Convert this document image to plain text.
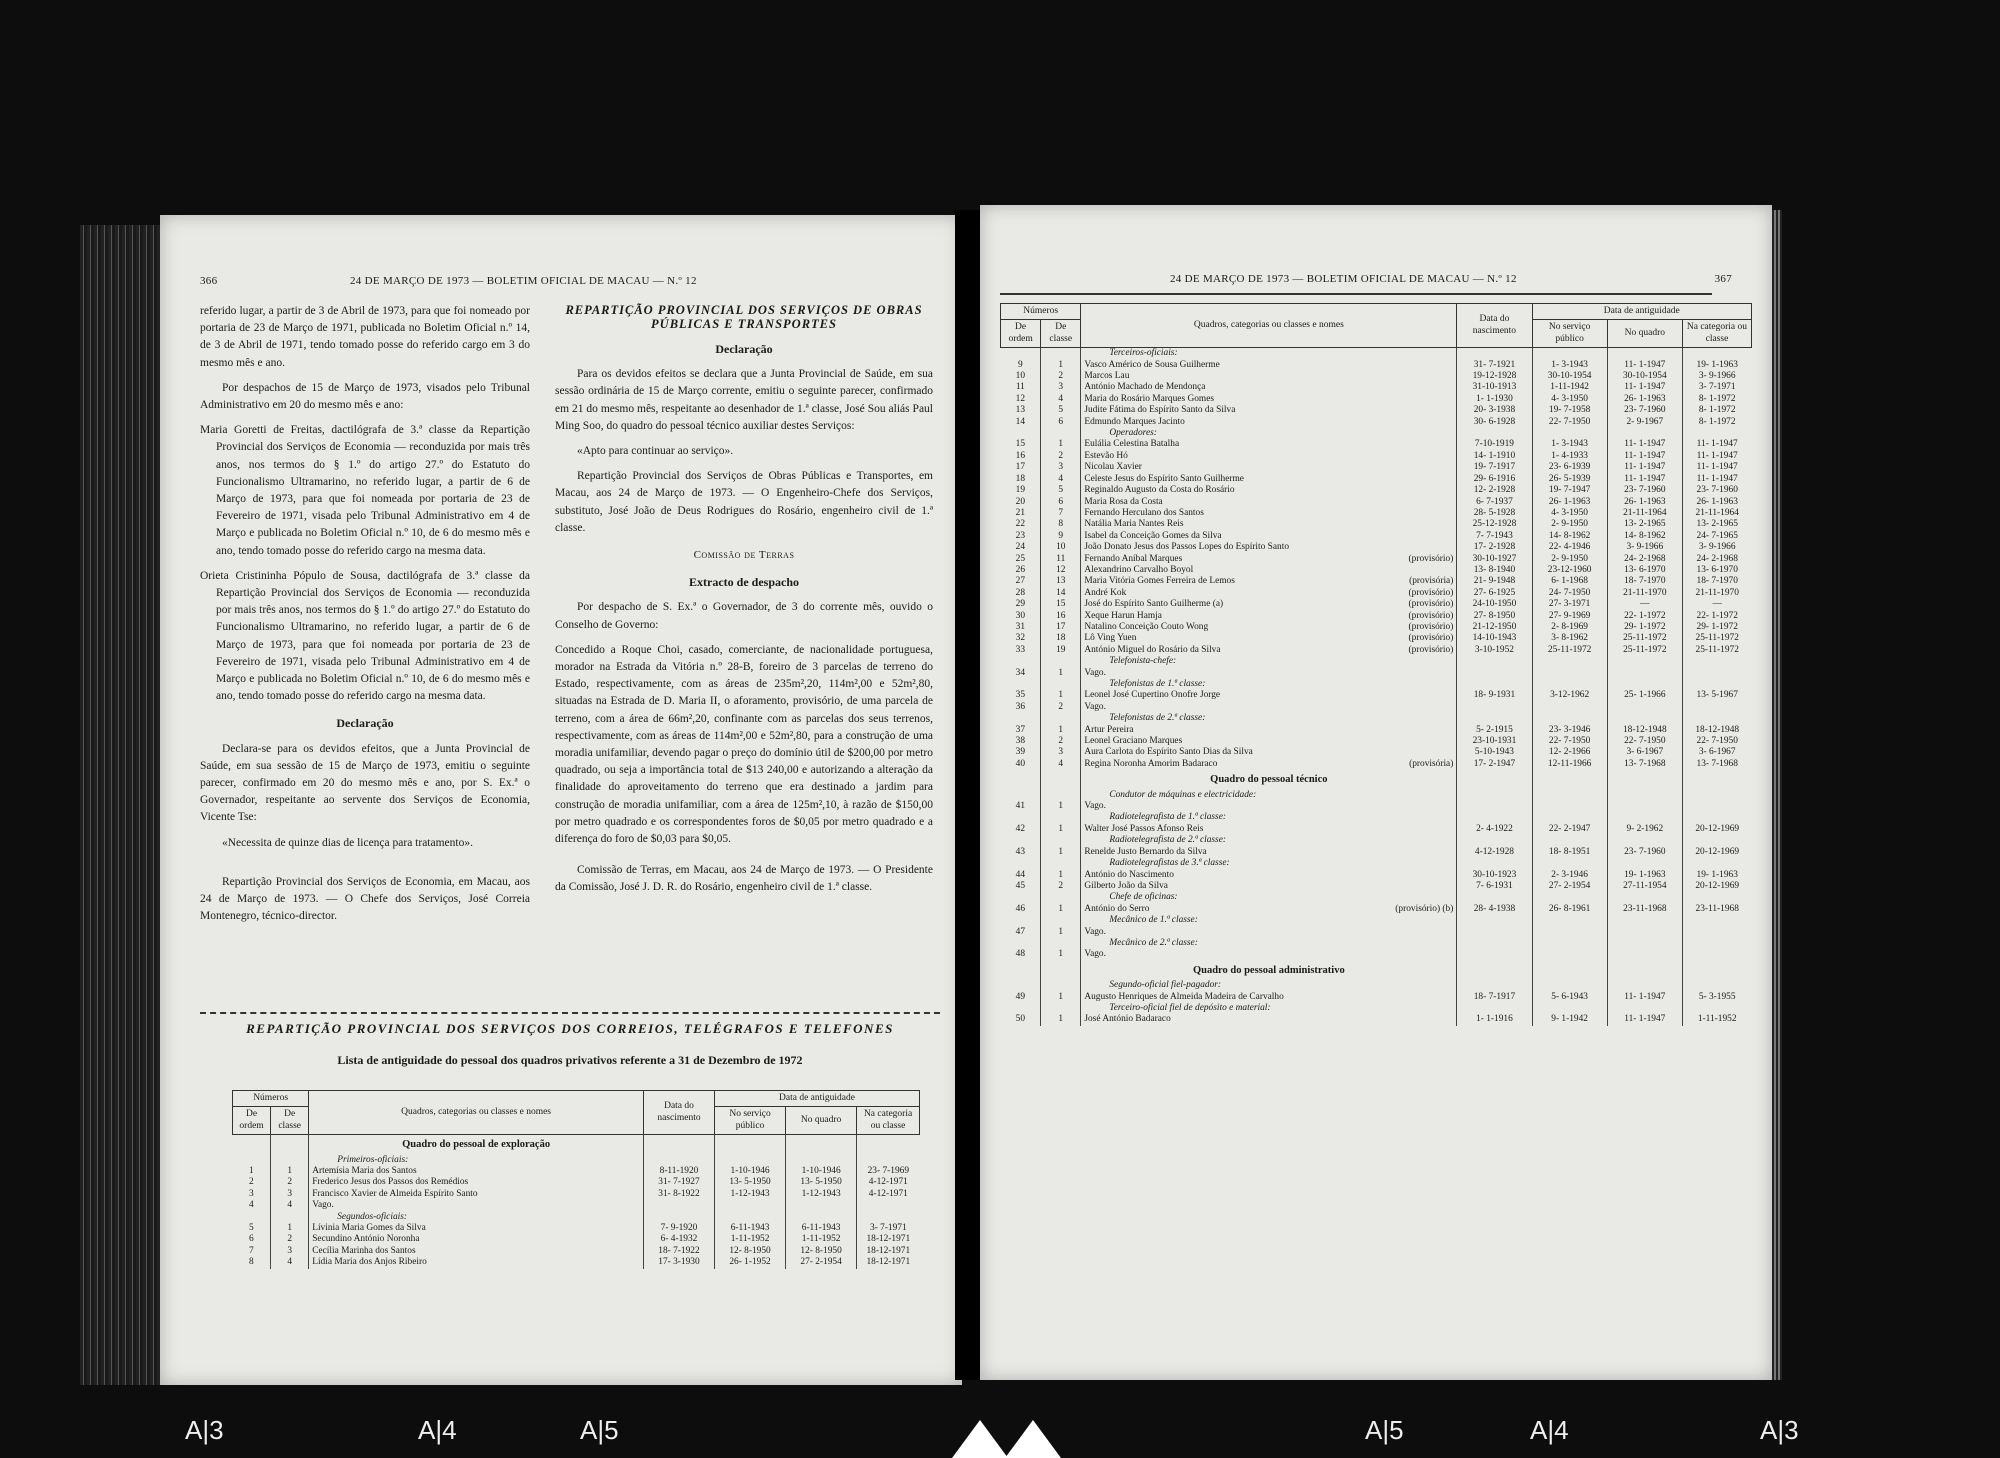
366	24 DE MARÇO DE 1973 — BOLETIM OFICIAL DE MACAU — N.º 12

referido lugar, a partir de 3 de Abril de 1973, para que foi nomeado por portaria de 23 de Março de 1971, publicada no Boletim Oficial n.º 14, de 3 de Abril de 1971, tendo tomado posse do referido cargo em 3 do mesmo mês e ano.

Por despachos de 15 de Março de 1973, visados pelo Tribunal Administrativo em 20 do mesmo mês e ano:

Maria Goretti de Freitas, dactilógrafa de 3.ª classe da Repartição Provincial dos Serviços de Economia — reconduzida por mais três anos, nos termos do § 1.º do artigo 27.º do Estatuto do Funcionalismo Ultramarino, no referido lugar, a partir de 6 de Março de 1973, para que foi nomeada por portaria de 23 de Fevereiro de 1971, visada pelo Tribunal Administrativo em 4 de Março e publicada no Boletim Oficial n.º 10, de 6 do mesmo mês e ano, tendo tomado posse do referido cargo na mesma data.

Orieta Cristininha Pópulo de Sousa, dactilógrafa de 3.ª classe da Repartição Provincial dos Serviços de Economia — reconduzida por mais três anos, nos termos do § 1.º do artigo 27.º do Estatuto do Funcionalismo Ultramarino, no referido lugar, a partir de 6 de Março de 1973, para que foi nomeada por portaria de 23 de Fevereiro de 1971, visada pelo Tribunal Administrativo em 4 de Março e publicada no Boletim Oficial n.º 10, de 6 do mesmo mês e ano, tendo tomado posse do referido cargo na mesma data.

Declaração

Declara-se para os devidos efeitos, que a Junta Provincial de Saúde, em sua sessão de 15 de Março de 1973, emitiu o seguinte parecer, confirmado em 20 do mesmo mês e ano, por S. Ex.ª o Governador, respeitante ao servente dos Serviços de Economia, Vicente Tse:

«Necessita de quinze dias de licença para tratamento».

Repartição Provincial dos Serviços de Economia, em Macau, aos 24 de Março de 1973. — O Chefe dos Serviços, José Correia Montenegro, técnico-director.

REPARTIÇÃO PROVINCIAL DOS SERVIÇOS DE OBRAS PÚBLICAS E TRANSPORTES
Declaração

Para os devidos efeitos se declara que a Junta Provincial de Saúde, em sua sessão ordinária de 15 de Março corrente, emitiu o seguinte parecer, confirmado em 21 do mesmo mês, respeitante ao desenhador de 1.ª classe, José Sou aliás Paul Ming Soo, do quadro do pessoal técnico auxiliar destes Serviços:

«Apto para continuar ao serviço».

Repartição Provincial dos Serviços de Obras Públicas e Transportes, em Macau, aos 24 de Março de 1973. — O Engenheiro-Chefe dos Serviços, substituto, José João de Deus Rodrigues do Rosário, engenheiro civil de 1.ª classe.

Comissão de Terras
Extracto de despacho

Por despacho de S. Ex.ª o Governador, de 3 do corrente mês, ouvido o Conselho de Governo:

Concedido a Roque Choi, casado, comerciante, de nacionalidade portuguesa, morador na Estrada da Vitória n.º 28-B, foreiro de 3 parcelas de terreno do Estado, respectivamente, com as áreas de 235m²,20, 114m²,00 e 52m²,80, situadas na Estrada de D. Maria II, o aforamento, provisório, de uma parcela de terreno, com a área de 66m²,20, confinante com as parcelas dos seus terrenos, respectivamente, com as áreas de 114m²,00 e 52m²,80, para a construção de uma moradia unifamiliar, devendo pagar o preço do domínio útil de $200,00 por metro quadrado, ou seja a importância total de $13 240,00 e autorizando a alteração da finalidade do aproveitamento do terreno que era destinado a jardim para construção de moradia unifamiliar, com a área de 125m²,10, à razão de $150,00 por metro quadrado e os correspondentes foros de $0,05 por metro quadrado e a diferença do foro de $0,03 para $0,05.

Comissão de Terras, em Macau, aos 24 de Março de 1973. — O Presidente da Comissão, José J. D. R. do Rosário, engenheiro civil de 1.ª classe.

REPARTIÇÃO PROVINCIAL DOS SERVIÇOS DOS CORREIOS, TELÉGRAFOS E TELEFONES
Lista de antiguidade do pessoal dos quadros privativos referente a 31 de Dezembro de 1972
Números		Quadros, categorias ou classes e nomes	Data do nascimento	Data de antiguidade		
De ordem	De classe			No serviço público	No quadro	Na categoria ou classe
		Quadro do pessoal de exploração				
		Primeiros-oficiais:				
1	1	Artemísia Maria dos Santos	8-11-1920	1-10-1946	1-10-1946	23- 7-1969
2	2	Frederico Jesus dos Passos dos Remédios	31- 7-1927	13- 5-1950	13- 5-1950	4-12-1971
3	3	Francisco Xavier de Almeida Espírito Santo	31- 8-1922	1-12-1943	1-12-1943	4-12-1971
4	4	Vago.				
		Segundos-oficiais:				
5	1	Lívinia Maria Gomes da Silva	7- 9-1920	6-11-1943	6-11-1943	3- 7-1971
6	2	Secundino António Noronha	6- 4-1932	1-11-1952	1-11-1952	18-12-1971
7	3	Cecília Marinha dos Santos	18- 7-1922	12- 8-1950	12- 8-1950	18-12-1971
8	4	Lídia Maria dos Anjos Ribeiro	17- 3-1930	26- 1-1952	27- 2-1954	18-12-1971
24 DE MARÇO DE 1973 — BOLETIM OFICIAL DE MACAU — N.º 12	367
Números		Quadros, categorias ou classes e nomes	Data do nascimento	Data de antiguidade		
De ordem	De classe			No serviço público	No quadro	Na categoria ou classe
		Terceiros-oficiais:				
9	1	Vasco Américo de Sousa Guilherme	31- 7-1921	1- 3-1943	11- 1-1947	19- 1-1963
10	2	Marcos Lau	19-12-1928	30-10-1954	30-10-1954	3- 9-1966
11	3	António Machado de Mendonça	31-10-1913	1-11-1942	11- 1-1947	3- 7-1971
12	4	Maria do Rosário Marques Gomes	1- 1-1930	4- 3-1950	26- 1-1963	8- 1-1972
13	5	Judite Fátima do Espírito Santo da Silva	20- 3-1938	19- 7-1958	23- 7-1960	8- 1-1972
14	6	Edmundo Marques Jacinto	30- 6-1928	22- 7-1950	2- 9-1967	8- 1-1972
		Operadores:				
15	1	Eulália Celestina Batalha	7-10-1919	1- 3-1943	11- 1-1947	11- 1-1947
16	2	Estevão Hó	14- 1-1910	1- 4-1933	11- 1-1947	11- 1-1947
17	3	Nicolau Xavier	19- 7-1917	23- 6-1939	11- 1-1947	11- 1-1947
18	4	Celeste Jesus do Espírito Santo Guilherme	29- 6-1916	26- 5-1939	11- 1-1947	11- 1-1947
19	5	Reginaldo Augusto da Costa do Rosário	12- 2-1928	19- 7-1947	23- 7-1960	23- 7-1960
20	6	Maria Rosa da Costa	6- 7-1937	26- 1-1963	26- 1-1963	26- 1-1963
21	7	Fernando Herculano dos Santos	28- 5-1928	4- 3-1950	21-11-1964	21-11-1964
22	8	Natália Maria Nantes Reis	25-12-1928	2- 9-1950	13- 2-1965	13- 2-1965
23	9	Isabel da Conceição Gomes da Silva	7- 7-1943	14- 8-1962	14- 8-1962	24- 7-1965
24	10	João Donato Jesus dos Passos Lopes do Espírito Santo	17- 2-1928	22- 4-1946	3- 9-1966	3- 9-1966
25	11	Fernando Aníbal Marques (provisório)	30-10-1927	2- 9-1950	24- 2-1968	24- 2-1968
26	12	Alexandrino Carvalho Boyol	13- 8-1940	23-12-1960	13- 6-1970	13- 6-1970
27	13	Maria Vitória Gomes Ferreira de Lemos (provisória)	21- 9-1948	6- 1-1968	18- 7-1970	18- 7-1970
28	14	André Kok (provisório)	27- 6-1925	24- 7-1950	21-11-1970	21-11-1970
29	15	José do Espírito Santo Guilherme (a) (provisório)	24-10-1950	27- 3-1971	—	—
30	16	Xeque Harun Hamja (provisório)	27- 8-1950	27- 9-1969	22- 1-1972	22- 1-1972
31	17	Natalino Conceição Couto Wong (provisório)	21-12-1950	2- 8-1969	29- 1-1972	29- 1-1972
32	18	Lô Ving Yuen (provisório)	14-10-1943	3- 8-1962	25-11-1972	25-11-1972
33	19	António Miguel do Rosário da Silva (provisório)	3-10-1952	25-11-1972	25-11-1972	25-11-1972
		Telefonista-chefe:				
34	1	Vago.				
		Telefonistas de 1.ª classe:				
35	1	Leonel José Cupertino Onofre Jorge	18- 9-1931	3-12-1962	25- 1-1966	13- 5-1967
36	2	Vago.				
		Telefonistas de 2.ª classe:				
37	1	Artur Pereira	5- 2-1915	23- 3-1946	18-12-1948	18-12-1948
38	2	Leonel Graciano Marques	23-10-1931	22- 7-1950	22- 7-1950	22- 7-1950
39	3	Aura Carlota do Espírito Santo Dias da Silva	5-10-1943	12- 2-1966	3- 6-1967	3- 6-1967
40	4	Regina Noronha Amorim Badaraco (provisória)	17- 2-1947	12-11-1966	13- 7-1968	13- 7-1968
		Quadro do pessoal técnico				
		Condutor de máquinas e electricidade:				
41	1	Vago.				
		Radiotelegrafista de 1.ª classe:				
42	1	Walter José Passos Afonso Reis	2- 4-1922	22- 2-1947	9- 2-1962	20-12-1969
		Radiotelegrafista de 2.ª classe:				
43	1	Renelde Justo Bernardo da Silva	4-12-1928	18- 8-1951	23- 7-1960	20-12-1969
		Radiotelegrafistas de 3.ª classe:				
44	1	António do Nascimento	30-10-1923	2- 3-1946	19- 1-1963	19- 1-1963
45	2	Gilberto João da Silva	7- 6-1931	27- 2-1954	27-11-1954	20-12-1969
		Chefe de oficinas:				
46	1	António do Serro (provisório) (b)	28- 4-1938	26- 8-1961	23-11-1968	23-11-1968
		Mecânico de 1.ª classe:				
47	1	Vago.				
		Mecânico de 2.ª classe:				
48	1	Vago.				
		Quadro do pessoal administrativo				
		Segundo-oficial fiel-pagador:				
49	1	Augusto Henriques de Almeida Madeira de Carvalho	18- 7-1917	5- 6-1943	11- 1-1947	5- 3-1955
		Terceiro-oficial fiel de depósito e material:				
50	1	José António Badaraco	1- 1-1916	9- 1-1942	11- 1-1947	1-11-1952
A|3	A|4	A|5	A|5	A|4	A|3
